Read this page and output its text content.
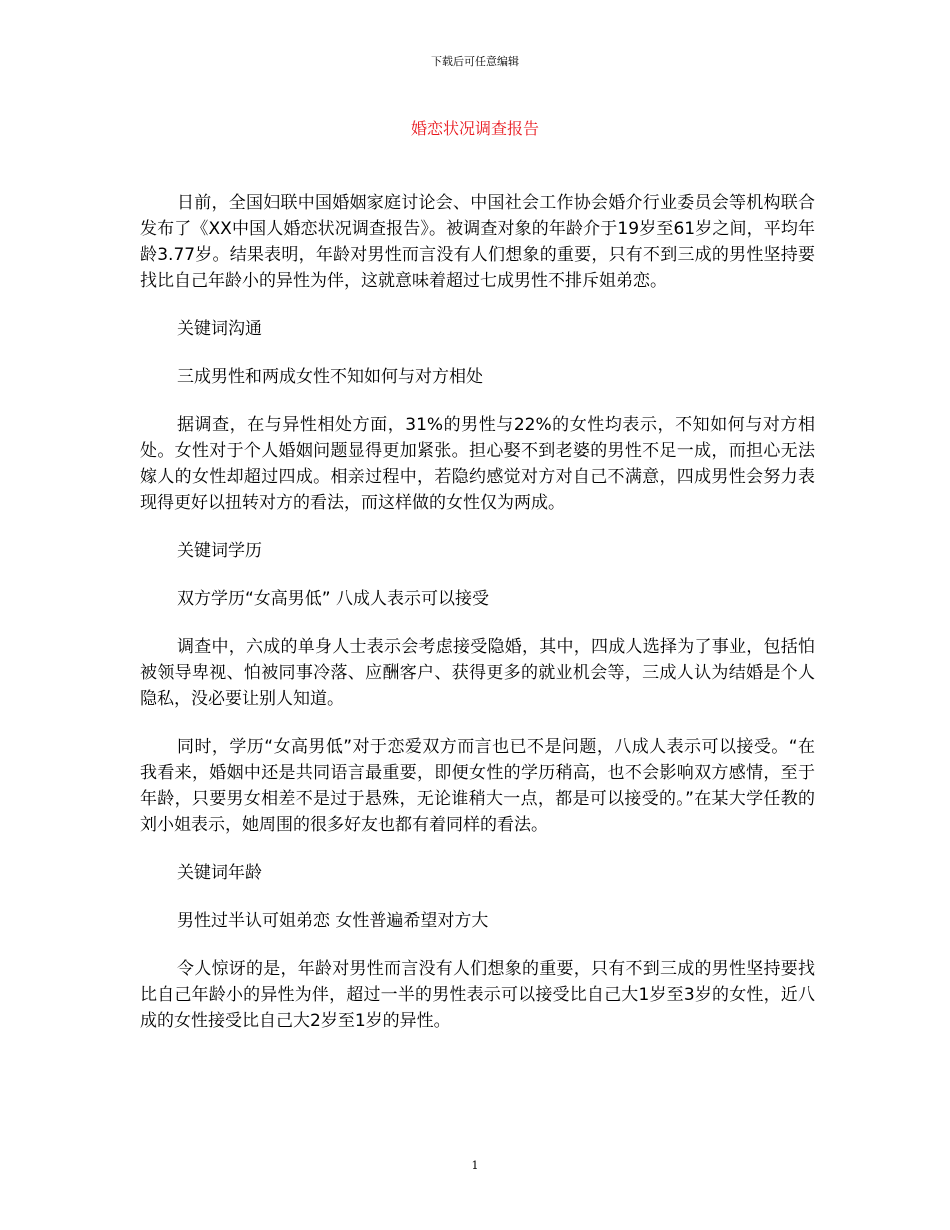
下载后可任意编辑
婚恋状况调查报告

日前，全国妇联中国婚姻家庭讨论会、中国社会工作协会婚介行业委员会等机构联合发布了《XX中国人婚恋状况调查报告》。被调查对象的年龄介于19岁至61岁之间，平均年龄3.77岁。结果表明，年龄对男性而言没有人们想象的重要，只有不到三成的男性坚持要找比自己年龄小的异性为伴，这就意味着超过七成男性不排斥姐弟恋。

关键词沟通

三成男性和两成女性不知如何与对方相处

据调查，在与异性相处方面，31%的男性与22%的女性均表示，不知如何与对方相处。女性对于个人婚姻问题显得更加紧张。担心娶不到老婆的男性不足一成，而担心无法嫁人的女性却超过四成。相亲过程中，若隐约感觉对方对自己不满意，四成男性会努力表现得更好以扭转对方的看法，而这样做的女性仅为两成。

关键词学历

双方学历“女高男低” 八成人表示可以接受

调查中，六成的单身人士表示会考虑接受隐婚，其中，四成人选择为了事业，包括怕被领导卑视、怕被同事冷落、应酬客户、获得更多的就业机会等，三成人认为结婚是个人隐私，没必要让别人知道。

同时，学历“女高男低”对于恋爱双方而言也已不是问题，八成人表示可以接受。“在我看来，婚姻中还是共同语言最重要，即便女性的学历稍高，也不会影响双方感情，至于年龄，只要男女相差不是过于悬殊，无论谁稍大一点，都是可以接受的。”在某大学任教的刘小姐表示，她周围的很多好友也都有着同样的看法。

关键词年龄

男性过半认可姐弟恋 女性普遍希望对方大

令人惊讶的是，年龄对男性而言没有人们想象的重要，只有不到三成的男性坚持要找比自己年龄小的异性为伴，超过一半的男性表示可以接受比自己大1岁至3岁的女性，近八成的女性接受比自己大2岁至1岁的异性。

1
